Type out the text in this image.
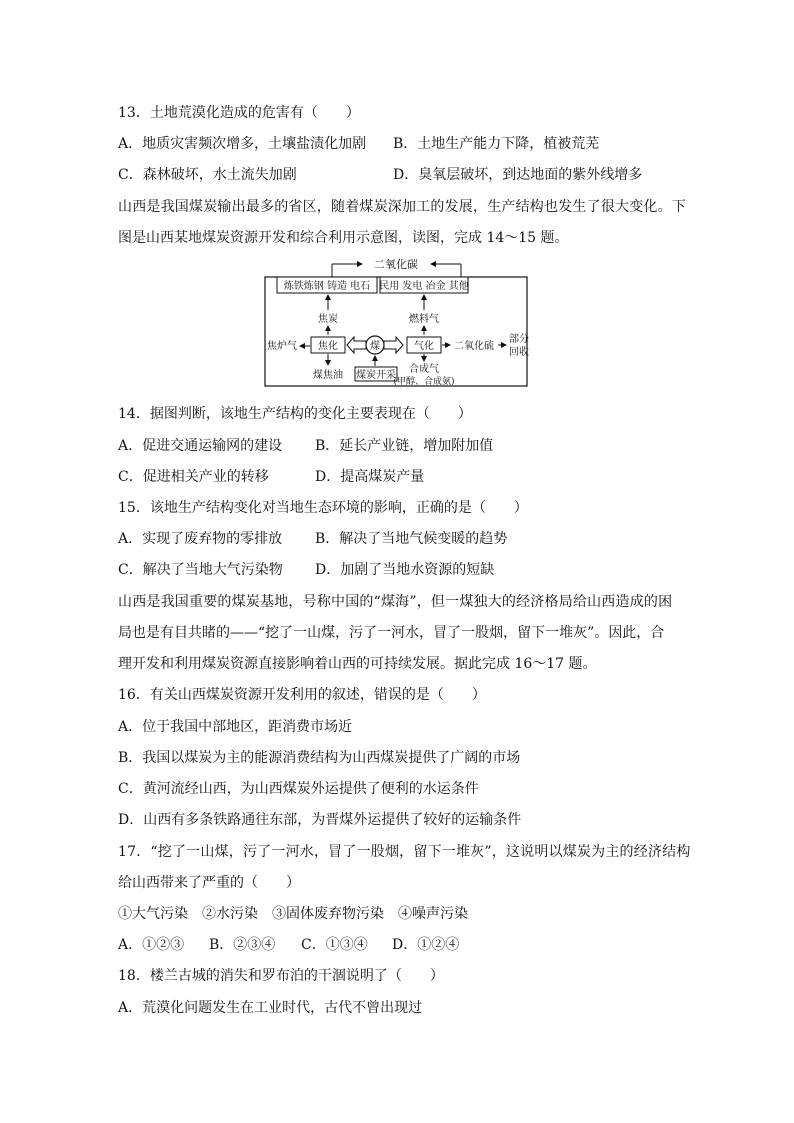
13．土地荒漠化造成的危害有（　　）
A．地质灾害频次增多，土壤盐渍化加剧 B．土地生产能力下降，植被荒芜
C．森林破坏，水土流失加剧	D．臭氧层破坏，到达地面的紫外线增多
山西是我国煤炭输出最多的省区，随着煤炭深加工的发展，生产结构也发生了很大变化。下
图是山西某地煤炭资源开发和综合利用示意图，读图，完成 14～15 题。
二氧化碳
炼铁炼钢 铸造 电石 民用 发电 冶金 其他
焦炭	燃料气
焦炉气 焦化	煤	气化 二氧化硫
部分
回收
煤焦油 煤炭开采
合成气
(甲醇、合成氨)
14．据图判断，该地生产结构的变化主要表现在（　　）
A．促进交通运输网的建设 B．延长产业链，增加附加值
C．促进相关产业的转移	D．提高煤炭产量
15．该地生产结构变化对当地生态环境的影响，正确的是（　　）
A．实现了废弃物的零排放 B．解决了当地气候变暖的趋势
C．解决了当地大气污染物 D．加剧了当地水资源的短缺
山西是我国重要的煤炭基地，号称中国的“煤海”，但一煤独大的经济格局给山西造成的困
局也是有目共睹的——“挖了一山煤，污了一河水，冒了一股烟，留下一堆灰”。因此，合
理开发和利用煤炭资源直接影响着山西的可持续发展。据此完成 16～17 题。
16．有关山西煤炭资源开发利用的叙述，错误的是（　　）
A．位于我国中部地区，距消费市场近
B．我国以煤炭为主的能源消费结构为山西煤炭提供了广阔的市场
C．黄河流经山西，为山西煤炭外运提供了便利的水运条件
D．山西有多条铁路通往东部，为晋煤外运提供了较好的运输条件
17．“挖了一山煤，污了一河水，冒了一股烟，留下一堆灰”，这说明以煤炭为主的经济结构
给山西带来了严重的（　　）
①大气污染　②水污染　③固体废弃物污染　④噪声污染
A．①②③ B．②③④ C．①③④ D．①②④
18．楼兰古城的消失和罗布泊的干涸说明了（　　）
A．荒漠化问题发生在工业时代，古代不曾出现过
